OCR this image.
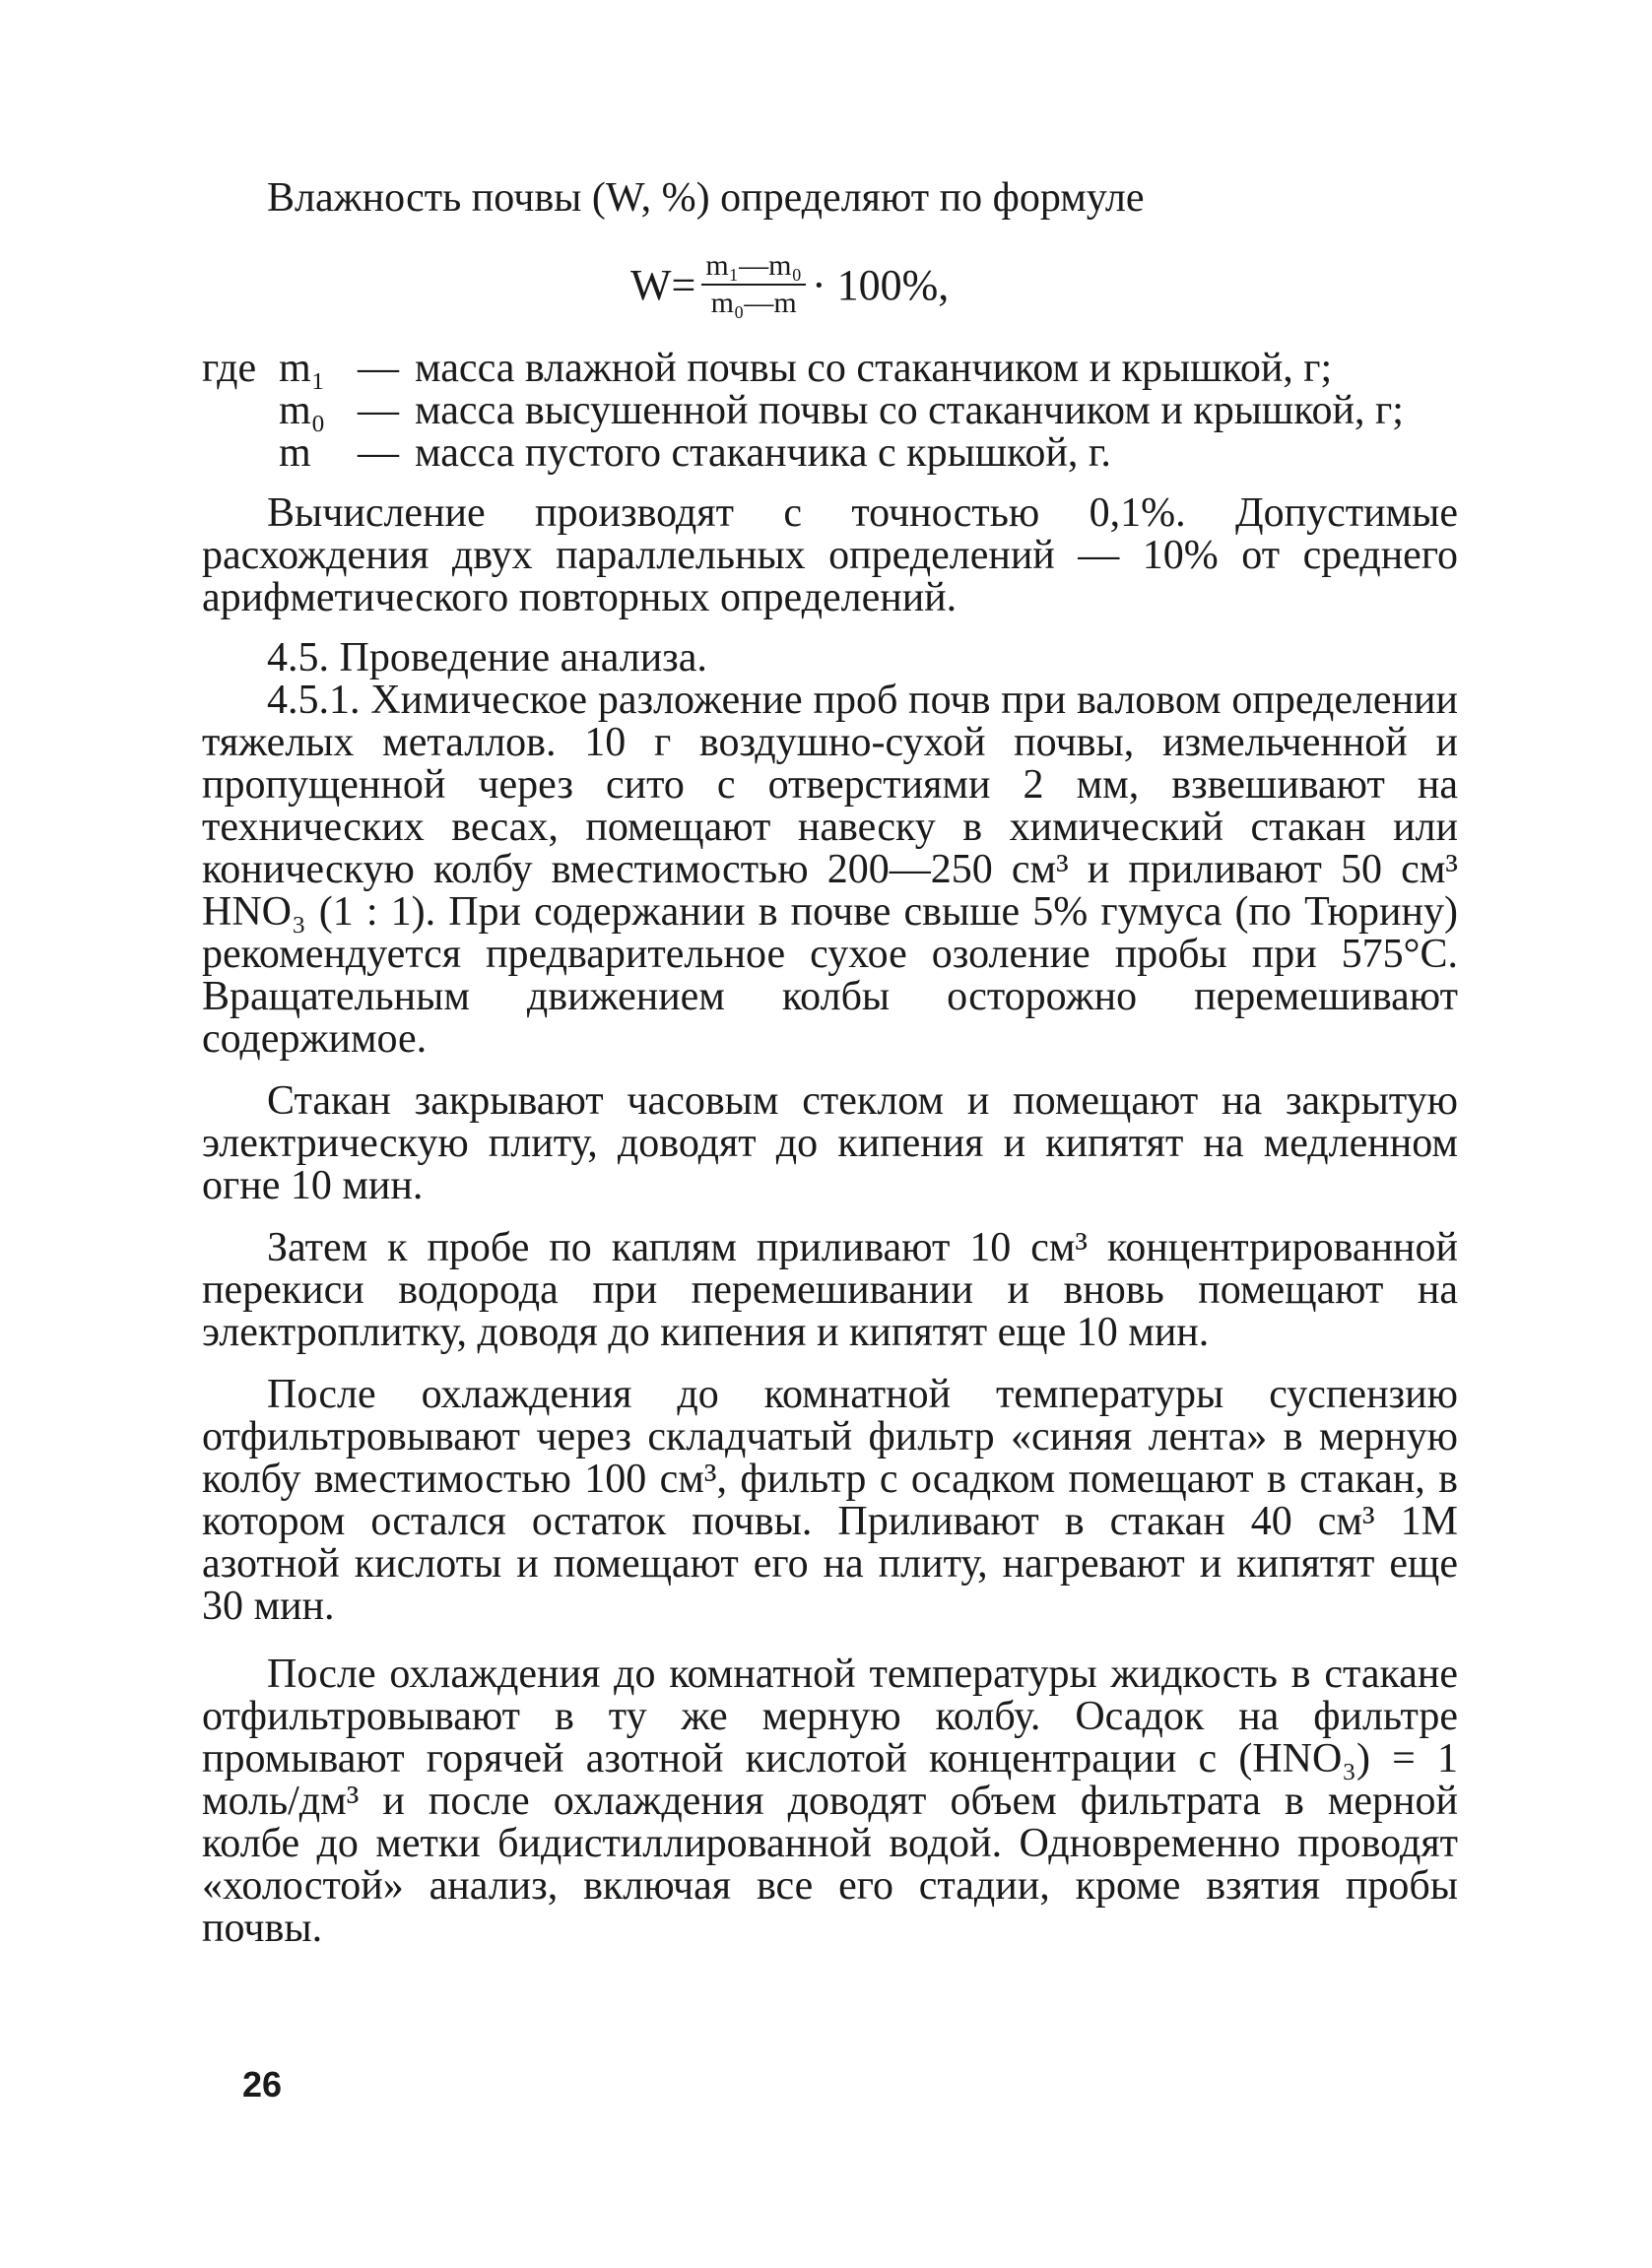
Влажность почвы (W, %) определяют по формуле

$W= \frac{\text{m₁—m₀}}{\text{m₀—m}} \cdot 100\%$,
где m₁ — масса влажной почвы со стаканчиком и крышкой, г;
m₀ — масса высушенной почвы со стаканчиком и крышкой, г;
m	— масса пустого стаканчика с крышкой, г.

Вычисление производят с точностью 0,1%. Допустимые расхождения двух параллельных определений — 10% от среднего арифметического повторных определений.

4.5. Проведение анализа.

4.5.1. Химическое разложение проб почв при валовом определении тяжелых металлов. 10 г воздушно-сухой почвы, измельченной и пропущенной через сито с отверстиями 2 мм, взвешивают на технических весах, помещают навеску в химический стакан или коническую колбу вместимостью 200—250 см³ и приливают 50 см³ HNO₃ (1 : 1). При содержании в почве свыше 5% гумуса (по Тюрину) рекомендуется предварительное сухое озоление пробы при 575°C. Вращательным движением колбы осторожно перемешивают содержимое.

Стакан закрывают часовым стеклом и помещают на закрытую электрическую плиту, доводят до кипения и кипятят на медленном огне 10 мин.

Затем к пробе по каплям приливают 10 см³ концентрированной перекиси водорода при перемешивании и вновь помещают на электроплитку, доводя до кипения и кипятят еще 10 мин.

После охлаждения до комнатной температуры суспензию отфильтровывают через складчатый фильтр «синяя лента» в мерную колбу вместимостью 100 см³, фильтр с осадком помещают в стакан, в котором остался остаток почвы. Приливают в стакан 40 см³ 1М азотной кислоты и помещают его на плиту, нагревают и кипятят еще 30 мин.

После охлаждения до комнатной температуры жидкость в стакане отфильтровывают в ту же мерную колбу. Осадок на фильтре промывают горячей азотной кислотой концентрации с (HNO₃) = 1 моль/дм³ и после охлаждения доводят объем фильтрата в мерной колбе до метки бидистиллированной водой. Одновременно проводят «холостой» анализ, включая все его стадии, кроме взятия пробы почвы.

26
